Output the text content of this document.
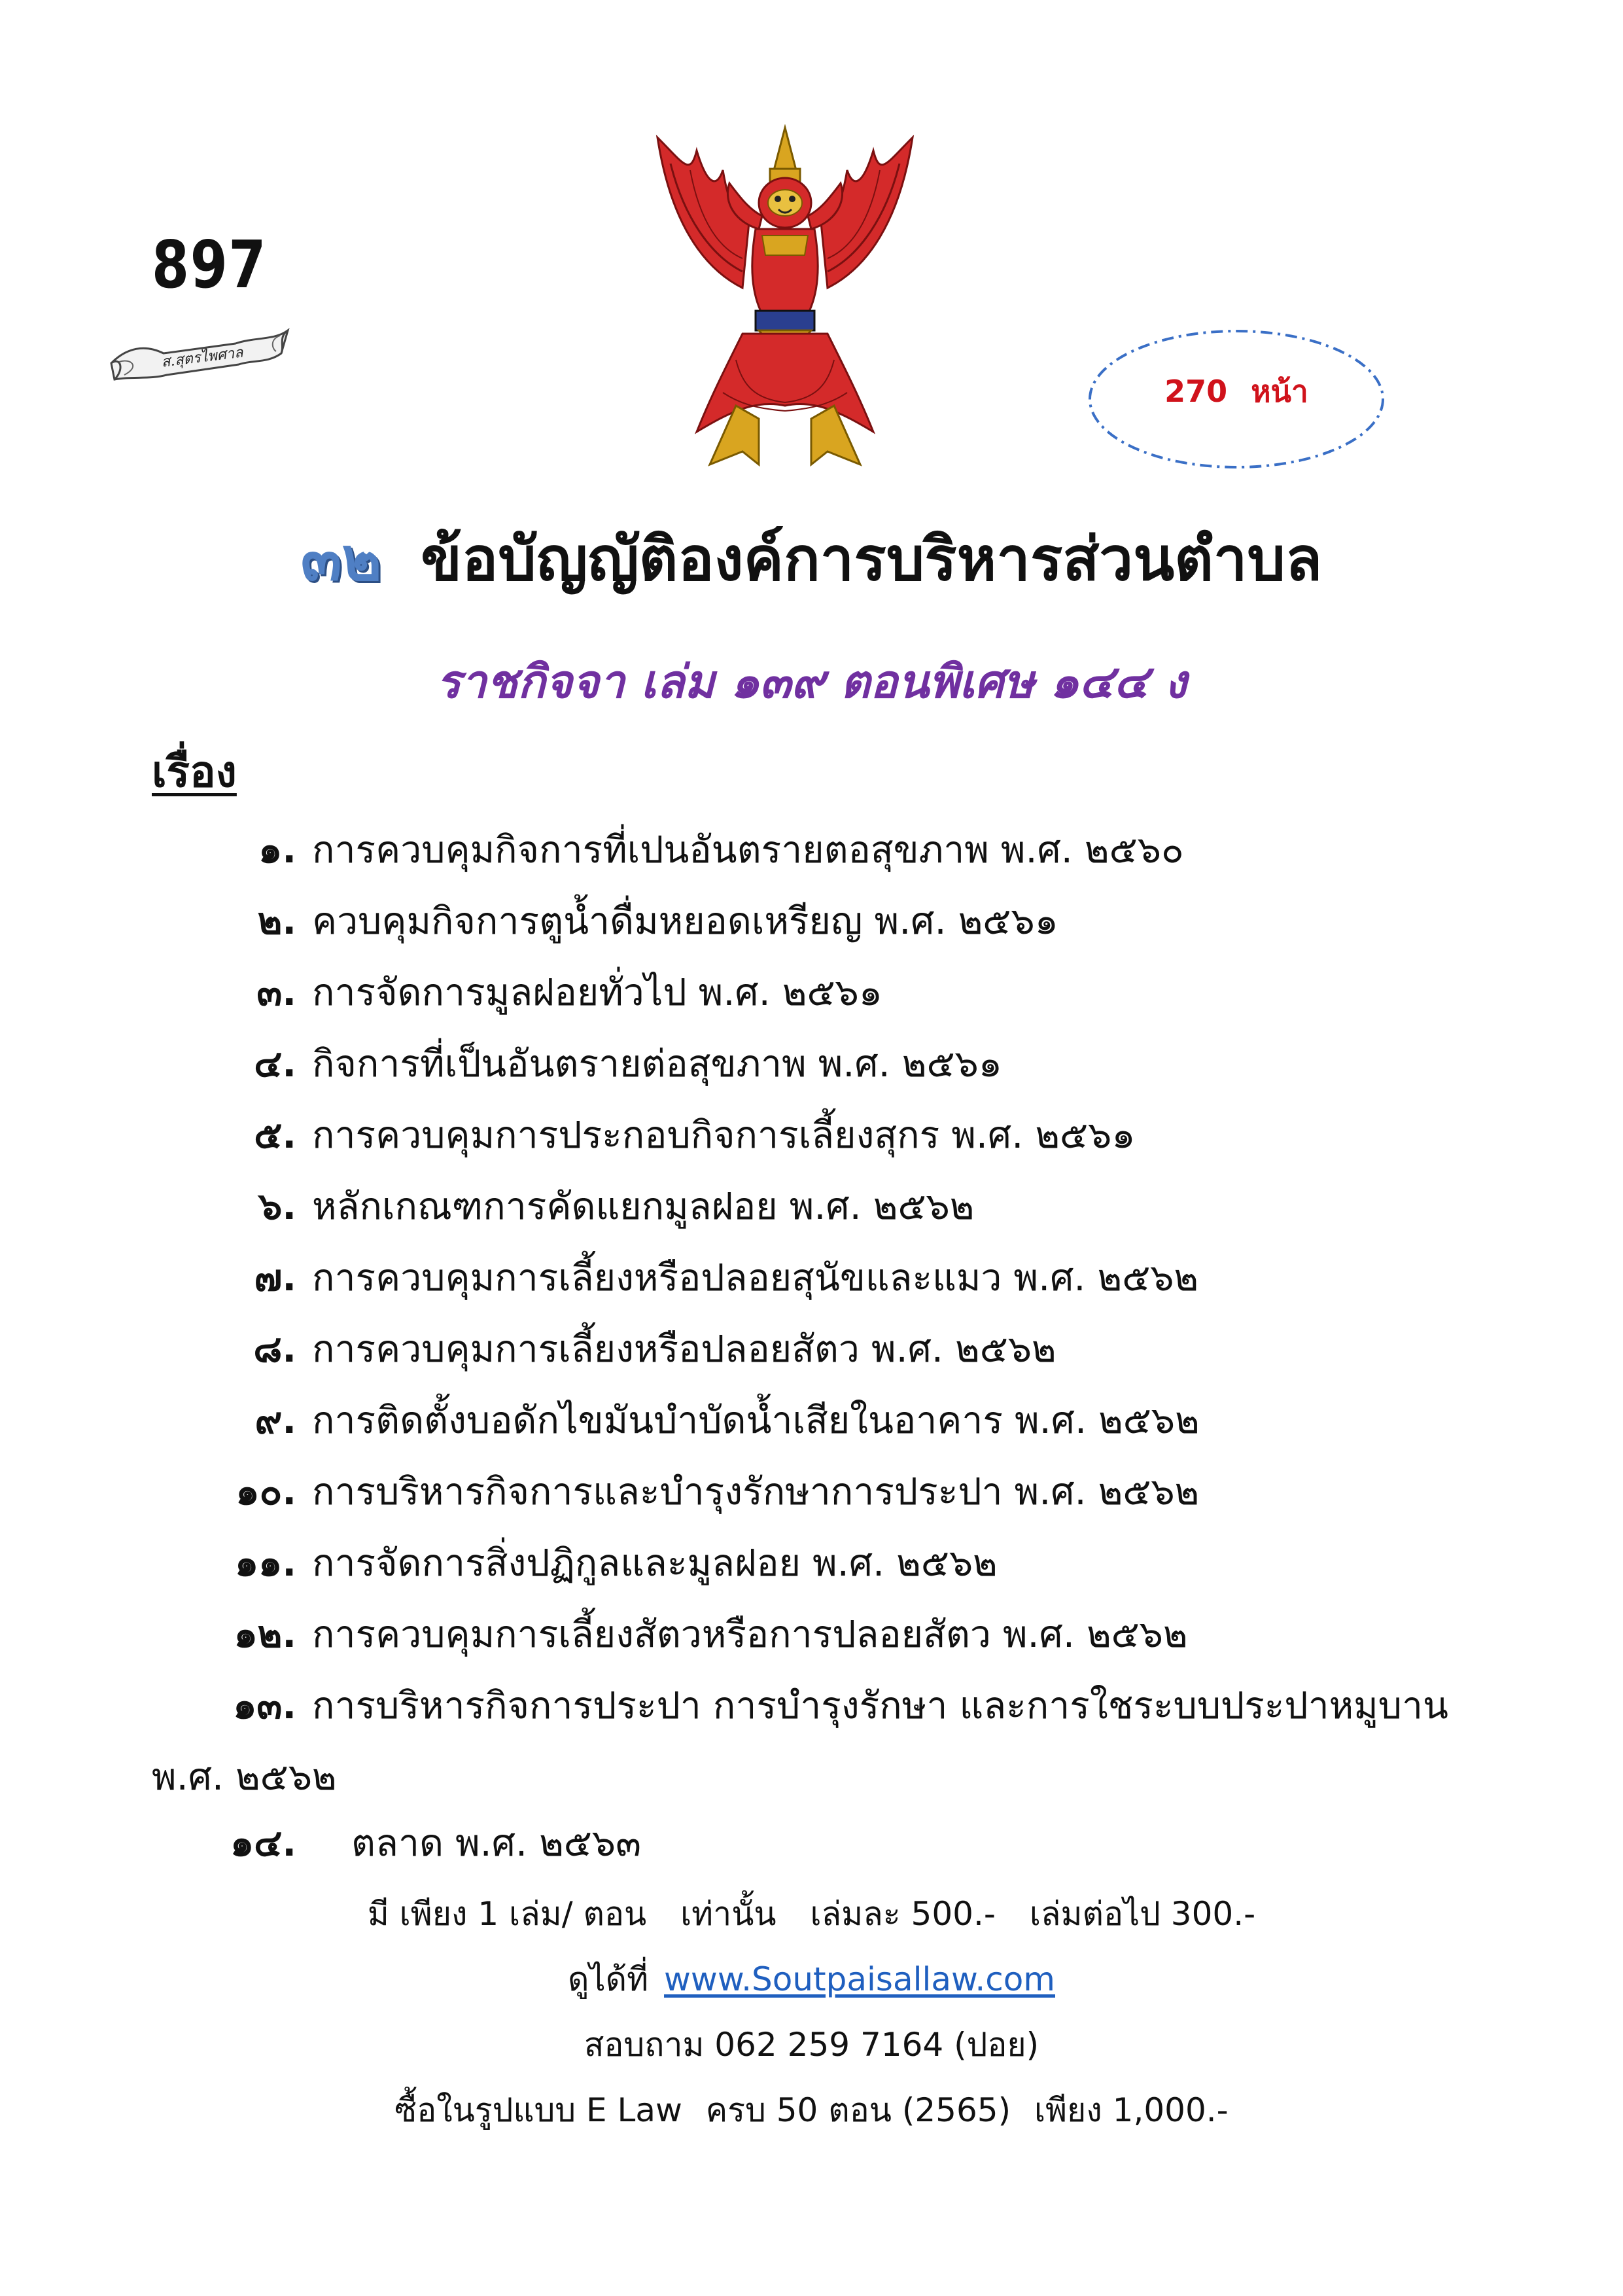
897
ส.สุตรไพศาล
270 หน้า
๓๒ ข้อบัญญัติองค์การบริหารส่วนตำบล
ราชกิจจา เล่ม ๑๓๙ ตอนพิเศษ ๑๔๔ ง
เรื่อง
๑. การควบคุมกิจการที่เปนอันตรายตอสุขภาพ พ.ศ. ๒๕๖๐
๒. ควบคุมกิจการตูน้ำดื่มหยอดเหรียญ พ.ศ. ๒๕๖๑
๓. การจัดการมูลฝอยทั่วไป พ.ศ. ๒๕๖๑
๔. กิจการที่เป็นอันตรายต่อสุขภาพ พ.ศ. ๒๕๖๑
๕. การควบคุมการประกอบกิจการเลี้ยงสุกร พ.ศ. ๒๕๖๑
๖. หลักเกณฑการคัดแยกมูลฝอย พ.ศ. ๒๕๖๒
๗. การควบคุมการเลี้ยงหรือปลอยสุนัขและแมว พ.ศ. ๒๕๖๒
๘. การควบคุมการเลี้ยงหรือปลอยสัตว พ.ศ. ๒๕๖๒
๙. การติดตั้งบอดักไขมันบำบัดน้ำเสียในอาคาร พ.ศ. ๒๕๖๒
๑๐. การบริหารกิจการและบำรุงรักษาการประปา พ.ศ. ๒๕๖๒
๑๑. การจัดการสิ่งปฏิกูลและมูลฝอย พ.ศ. ๒๕๖๒
๑๒. การควบคุมการเลี้ยงสัตวหรือการปลอยสัตว พ.ศ. ๒๕๖๒
๑๓. การบริหารกิจการประปา การบำรุงรักษา และการใชระบบประปาหมูบาน
พ.ศ. ๒๕๖๒
๑๔. ตลาด พ.ศ. ๒๕๖๓
มี เพียง 1 เล่ม/ ตอน เท่านั้น เล่มละ 500.- เล่มต่อไป 300.-
ดูได้ที่ www.Soutpaisallaw.com
สอบถาม 062 259 7164 (ปอย)
ซื้อในรูปแบบ E Law ครบ 50 ตอน (2565) เพียง 1,000.-
